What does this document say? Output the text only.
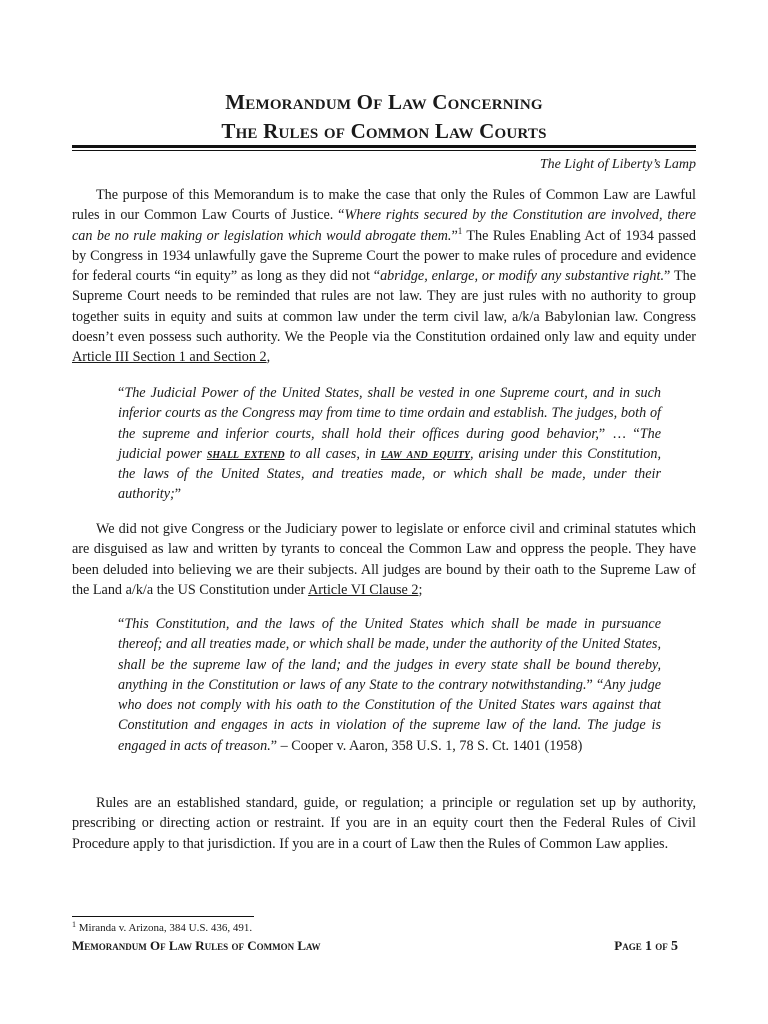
Memorandum Of Law Concerning
The Rules of Common Law Courts
The Light of Liberty’s Lamp

The purpose of this Memorandum is to make the case that only the Rules of Common Law are Lawful rules in our Common Law Courts of Justice. “Where rights secured by the Constitution are involved, there can be no rule making or legislation which would abrogate them.”$^1$ The Rules Enabling Act of 1934 passed by Congress in 1934 unlawfully gave the Supreme Court the power to make rules of procedure and evidence for federal courts “in equity” as long as they did not “abridge, enlarge, or modify any substantive right.” The Supreme Court needs to be reminded that rules are not law. They are just rules with no authority to group together suits in equity and suits at common law under the term civil law, a/k/a Babylonian law. Congress doesn’t even possess such authority. We the People via the Constitution ordained only law and equity under Article III Section 1 and Section 2,

“The Judicial Power of the United States, shall be vested in one Supreme court, and in such inferior courts as the Congress may from time to time ordain and establish. The judges, both of the supreme and inferior courts, shall hold their offices during good behavior,” … “The judicial power shall extend to all cases, in law and equity, arising under this Constitution, the laws of the United States, and treaties made, or which shall be made, under their authority;”

We did not give Congress or the Judiciary power to legislate or enforce civil and criminal statutes which are disguised as law and written by tyrants to conceal the Common Law and oppress the people. They have been deluded into believing we are their subjects. All judges are bound by their oath to the Supreme Law of the Land a/k/a the US Constitution under Article VI Clause 2;

“This Constitution, and the laws of the United States which shall be made in pursuance thereof; and all treaties made, or which shall be made, under the authority of the United States, shall be the supreme law of the land; and the judges in every state shall be bound thereby, anything in the Constitution or laws of any State to the contrary notwithstanding.” “Any judge who does not comply with his oath to the Constitution of the United States wars against that Constitution and engages in acts in violation of the supreme law of the land. The judge is engaged in acts of treason.” – Cooper v. Aaron, 358 U.S. 1, 78 S. Ct. 1401 (1958)

Rules are an established standard, guide, or regulation; a principle or regulation set up by authority, prescribing or directing action or restraint. If you are in an equity court then the Federal Rules of Civil Procedure apply to that jurisdiction. If you are in a court of Law then the Rules of Common Law applies.

$^1$ Miranda v. Arizona, 384 U.S. 436, 491.
Memorandum Of Law Rules of Common Law	Page 1 of 5
